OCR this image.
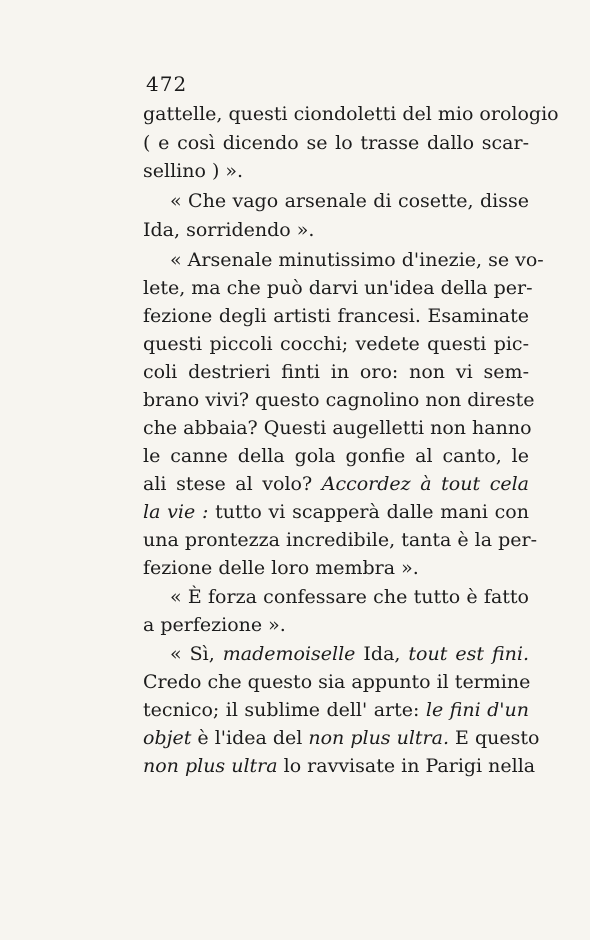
472
gattelle, questi ciondoletti del mio orologio
( e così dicendo se lo trasse dallo scar-
sellino ) ».
« Che vago arsenale di cosette, disse
Ida, sorridendo ».
« Arsenale minutissimo d'inezie, se vo-
lete, ma che può darvi un'idea della per-
fezione degli artisti francesi. Esaminate
questi piccoli cocchi; vedete questi pic-
coli destrieri finti in oro: non vi sem-
brano vivi? questo cagnolino non direste
che abbaia? Questi augelletti non hanno
le canne della gola gonfie al canto, le
ali stese al volo? Accordez à tout cela
la vie : tutto vi scapperà dalle mani con
una prontezza incredibile, tanta è la per-
fezione delle loro membra ».
« È forza confessare che tutto è fatto
a perfezione ».
« Sì, mademoiselle Ida, tout est fini.
Credo che questo sia appunto il termine
tecnico; il sublime dell' arte: le fini d'un
objet è l'idea del non plus ultra. E questo
non plus ultra lo ravvisate in Parigi nella
